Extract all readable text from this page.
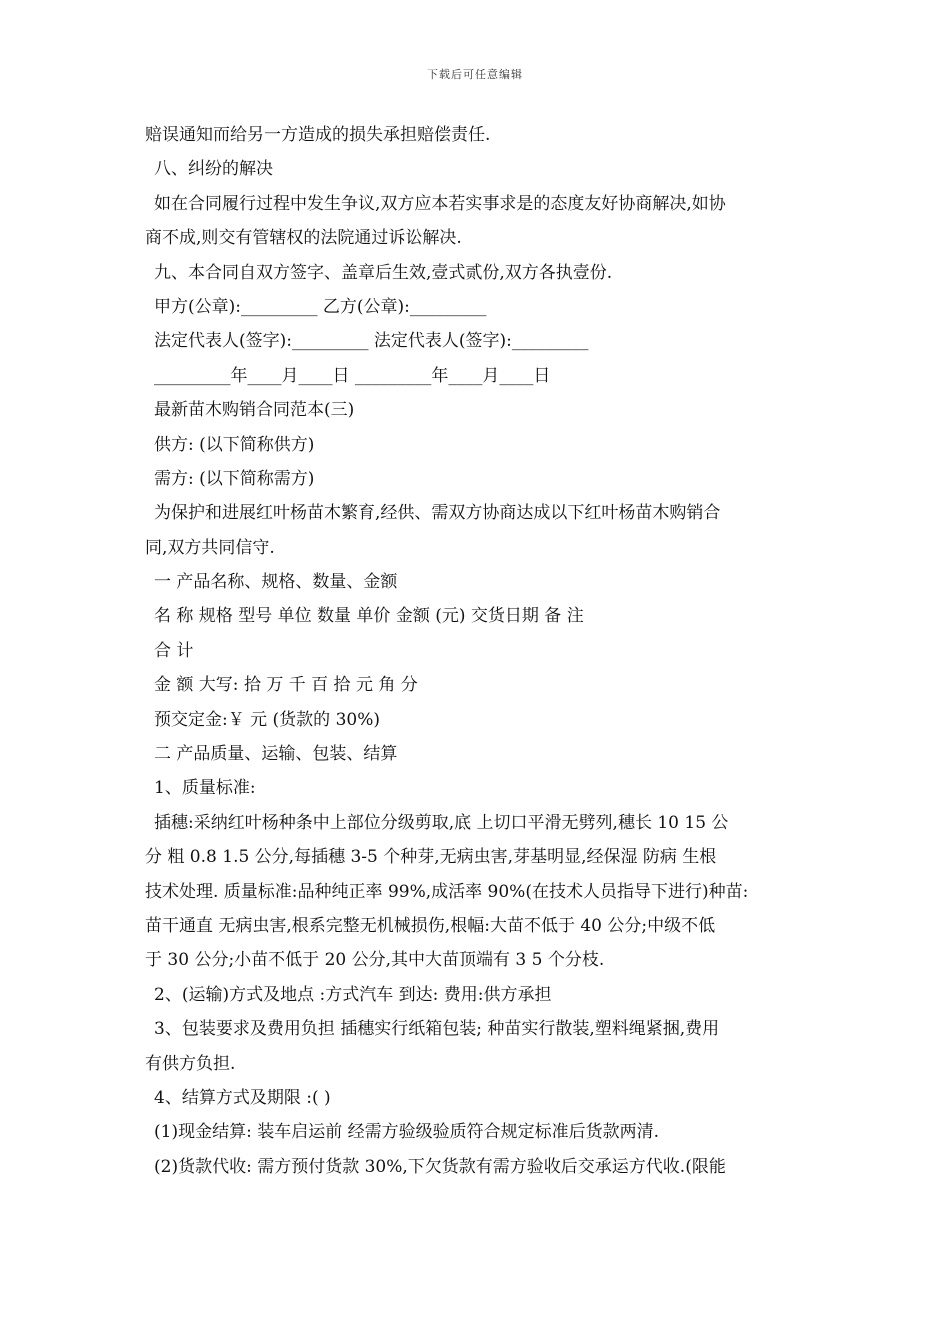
下载后可任意编辑
赔误通知而给另一方造成的损失承担赔偿责任.
八、纠纷的解决
如在合同履行过程中发生争议,双方应本若实事求是的态度友好协商解决,如协
商不成,则交有管辖权的法院通过诉讼解决.
九、本合同自双方签字、盖章后生效,壹式贰份,双方各执壹份.
甲方(公章):_________ 乙方(公章):_________
法定代表人(签字):_________ 法定代表人(签字):_________
_________年____月____日 _________年____月____日
最新苗木购销合同范本(三)
供方: (以下简称供方)
需方: (以下简称需方)
为保护和进展红叶杨苗木繁育,经供、需双方协商达成以下红叶杨苗木购销合
同,双方共同信守.
一 产品名称、规格、数量、金额
名 称 规格 型号 单位 数量 单价 金额 (元) 交货日期 备 注
合 计
金 额 大写: 拾 万 千 百 拾 元 角 分
预交定金:￥ 元 (货款的 30%)
二 产品质量、运输、包装、结算
1、质量标准:
插穗:采纳红叶杨种条中上部位分级剪取,底 上切口平滑无劈列,穗长 10 15 公
分 粗 0.8 1.5 公分,每插穗 3-5 个种芽,无病虫害,芽基明显,经保湿 防病 生根
技术处理. 质量标准:品种纯正率 99%,成活率 90%(在技术人员指导下进行)种苗:
苗干通直 无病虫害,根系完整无机械损伤,根幅:大苗不低于 40 公分;中级不低
于 30 公分;小苗不低于 20 公分,其中大苗顶端有 3 5 个分枝.
2、(运输)方式及地点 :方式汽车 到达: 费用:供方承担
3、包装要求及费用负担 插穗实行纸箱包装; 种苗实行散装,塑料绳紧捆,费用
有供方负担.
4、结算方式及期限 :( )
(1)现金结算: 装车启运前 经需方验级验质符合规定标准后货款两清.
(2)货款代收: 需方预付货款 30%,下欠货款有需方验收后交承运方代收.(限能
